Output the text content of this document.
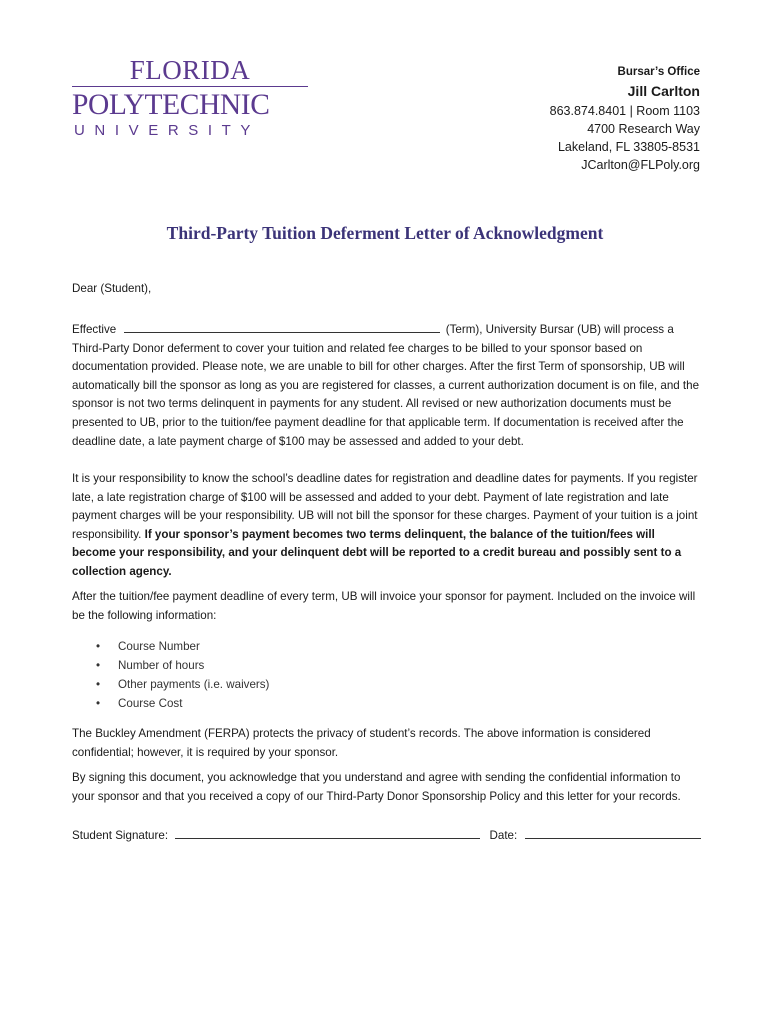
FLORIDA
POLYTECHNIC
UNIVERSITY
Bursar’s Office
Jill Carlton
863.874.8401 | Room 1103
4700 Research Way
Lakeland, FL 33805-8531
JCarlton@FLPoly.org
Third-Party Tuition Deferment Letter of Acknowledgment

Dear (Student),

Effective	(Term), University Bursar (UB) will process a Third-Party Donor deferment to cover your tuition and related fee charges to be billed to your sponsor based on documentation provided. Please note, we are unable to bill for other charges. After the first Term of sponsorship, UB will automatically bill the sponsor as long as you are registered for classes, a current authorization document is on file, and the sponsor is not two terms delinquent in payments for any student. All revised or new authorization documents must be presented to UB, prior to the tuition/fee payment deadline for that applicable term. If documentation is received after the deadline date, a late payment charge of $100 may be assessed and added to your debt.

It is your responsibility to know the school’s deadline dates for registration and deadline dates for payments. If you register late, a late registration charge of $100 will be assessed and added to your debt. Payment of late registration and late payment charges will be your responsibility. UB will not bill the sponsor for these charges. Payment of your tuition is a joint responsibility. If your sponsor’s payment becomes two terms delinquent, the balance of the tuition/fees will become your responsibility, and your delinquent debt will be reported to a credit bureau and possibly sent to a collection agency.

After the tuition/fee payment deadline of every term, UB will invoice your sponsor for payment. Included on the invoice will be the following information:

• Course Number
• Number of hours
• Other payments (i.e. waivers)
• Course Cost

The Buckley Amendment (FERPA) protects the privacy of student’s records. The above information is considered confidential; however, it is required by your sponsor.

By signing this document, you acknowledge that you understand and agree with sending the confidential information to your sponsor and that you received a copy of our Third-Party Donor Sponsorship Policy and this letter for your records.

Student Signature:	Date:
